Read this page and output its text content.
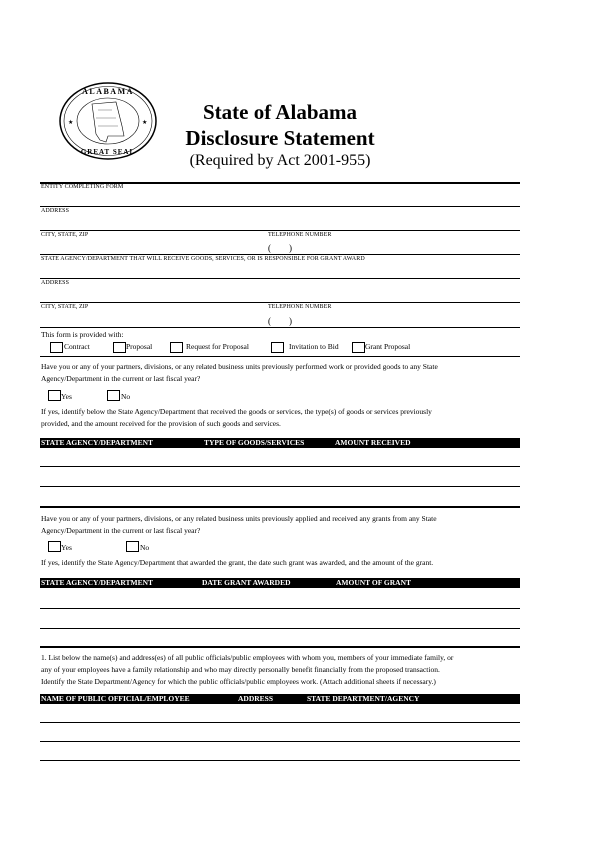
ALABAMA
GREAT SEAL
★	★	State of Alabama
Disclosure Statement
(Required by Act 2001-955)
ENTITY COMPLETING FORM
ADDRESS
CITY, STATE, ZIP	TELEPHONE NUMBER
(        )
STATE AGENCY/DEPARTMENT THAT WILL RECEIVE GOODS, SERVICES, OR IS RESPONSIBLE FOR GRANT AWARD
ADDRESS
CITY, STATE, ZIP	TELEPHONE NUMBER
(        )
This form is provided with:
Contract	Proposal	Request for Proposal	Invitation to Bid	Grant Proposal
Have you or any of your partners, divisions, or any related business units previously performed work or provided goods to any State
Agency/Department in the current or last fiscal year?
Yes	No
If yes, identify below the State Agency/Department that received the goods or services, the type(s) of goods or services previously
provided, and the amount received for the provision of such goods and services.
STATE AGENCY/DEPARTMENT	TYPE OF GOODS/SERVICES	AMOUNT RECEIVED
Have you or any of your partners, divisions, or any related business units previously applied and received any grants from any State
Agency/Department in the current or last fiscal year?
Yes	No
If yes, identify the State Agency/Department that awarded the grant, the date such grant was awarded, and the amount of the grant.
STATE AGENCY/DEPARTMENT	DATE GRANT AWARDED	AMOUNT OF GRANT
1. List below the name(s) and address(es) of all public officials/public employees with whom you, members of your immediate family, or
any of your employees have a family relationship and who may directly personally benefit financially from the proposed transaction.
Identify the State Department/Agency for which the public officials/public employees work. (Attach additional sheets if necessary.)
NAME OF PUBLIC OFFICIAL/EMPLOYEE	ADDRESS	STATE DEPARTMENT/AGENCY
